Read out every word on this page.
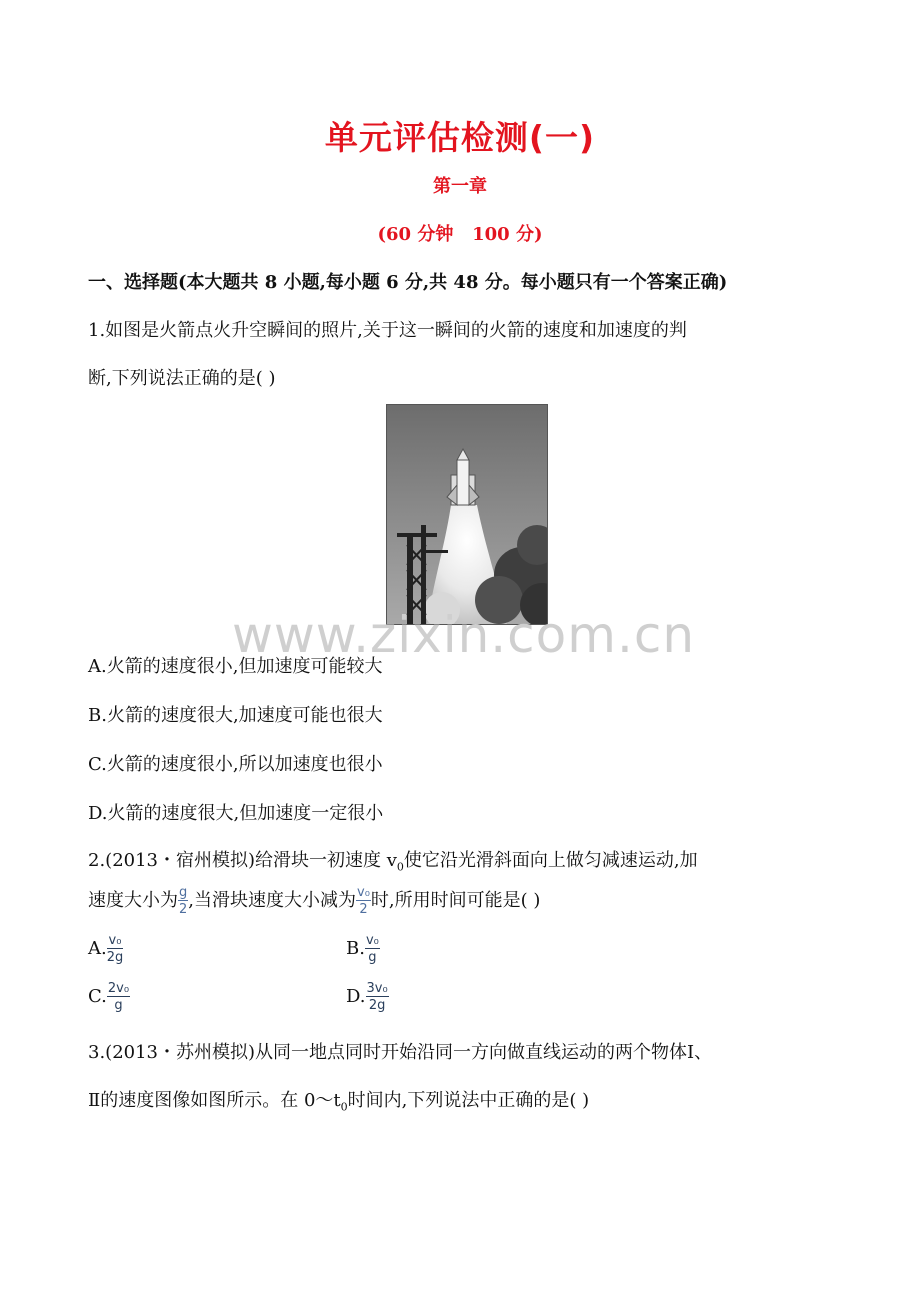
单元评估检测(一)
第一章
(60 分钟   100 分)
一、选择题(本大题共 8 小题,每小题 6 分,共 48 分。每小题只有一个答案正确)
1.如图是火箭点火升空瞬间的照片,关于这一瞬间的火箭的速度和加速度的判
断,下列说法正确的是( )
www.zixin.com.cn
A.火箭的速度很小,但加速度可能较大
B.火箭的速度很大,加速度可能也很大
C.火箭的速度很小,所以加速度也很小
D.火箭的速度很大,但加速度一定很小
2.(2013・宿州模拟)给滑块一初速度 $v_0$使它沿光滑斜面向上做匀减速运动,加
速度大小为 $\frac{g}{2}$ ,当滑块速度大小减为 $\frac{\text{v₀}}{2}$ 时,所用时间可能是( )
A. $\frac{\text{v₀}}{2g}$	B. $\frac{\text{v₀}}{g}$
C. $\frac{\text{2v₀}}{g}$	D. $\frac{\text{3v₀}}{2g}$
3.(2013・苏州模拟)从同一地点同时开始沿同一方向做直线运动的两个物体Ⅰ、
Ⅱ的速度图像如图所示。在 $0\sim t_0$时间内,下列说法中正确的是( )
